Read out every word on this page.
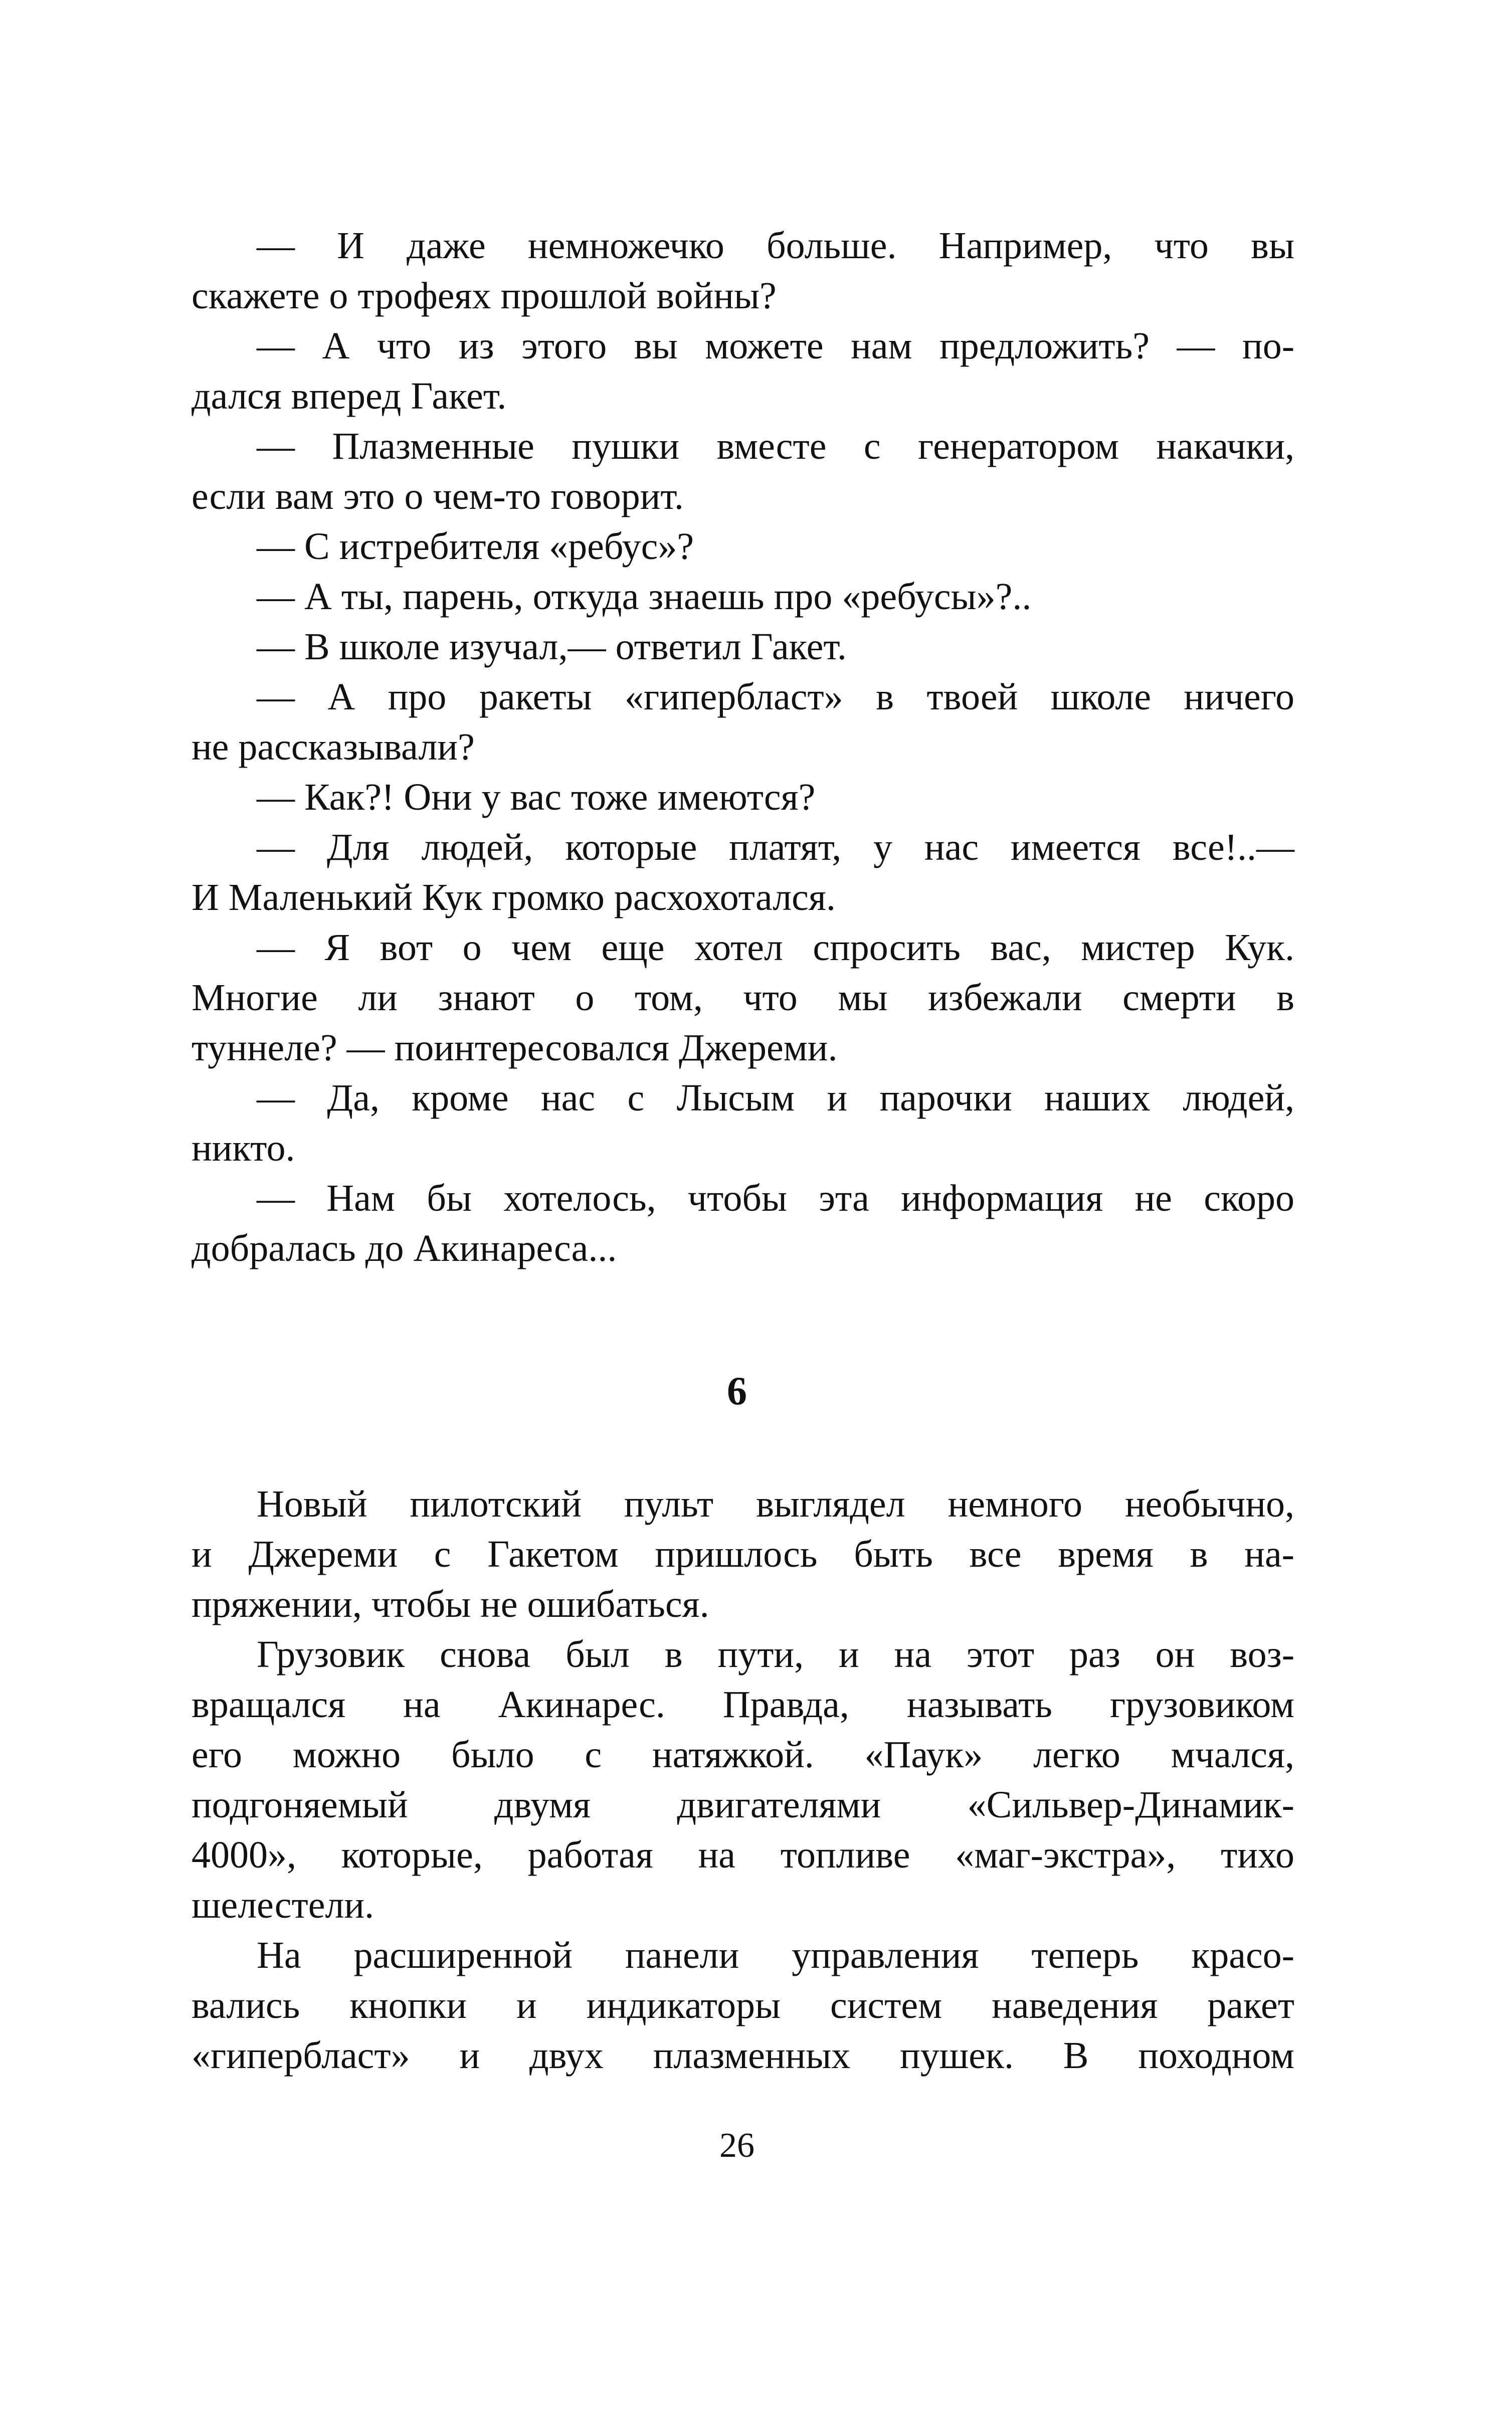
— И даже немножечко больше. Например, что вы
скажете о трофеях прошлой войны?
— А что из этого вы можете нам предложить? — по-
дался вперед Гакет.
— Плазменные пушки вместе с генератором накачки,
если вам это о чем-то говорит.
— С истребителя «ребус»?
— А ты, парень, откуда знаешь про «ребусы»?..
— В школе изучал,— ответил Гакет.
— А про ракеты «гипербласт» в твоей школе ничего
не рассказывали?
— Как?! Они у вас тоже имеются?
— Для людей, которые платят, у нас имеется все!..—
И Маленький Кук громко расхохотался.
— Я вот о чем еще хотел спросить вас, мистер Кук.
Многие ли знают о том, что мы избежали смерти в
туннеле? — поинтересовался Джереми.
— Да, кроме нас с Лысым и парочки наших людей,
никто.
— Нам бы хотелось, чтобы эта информация не скоро
добралась до Акинареса...
6
Новый пилотский пульт выглядел немного необычно,
и Джереми с Гакетом пришлось быть все время в на-
пряжении, чтобы не ошибаться.
Грузовик снова был в пути, и на этот раз он воз-
вращался на Акинарес. Правда, называть грузовиком
его можно было с натяжкой. «Паук» легко мчался,
подгоняемый двумя двигателями «Сильвер-Динамик-
4000», которые, работая на топливе «маг-экстра», тихо
шелестели.
На расширенной панели управления теперь красо-
вались кнопки и индикаторы систем наведения ракет
«гипербласт» и двух плазменных пушек. В походном
26
